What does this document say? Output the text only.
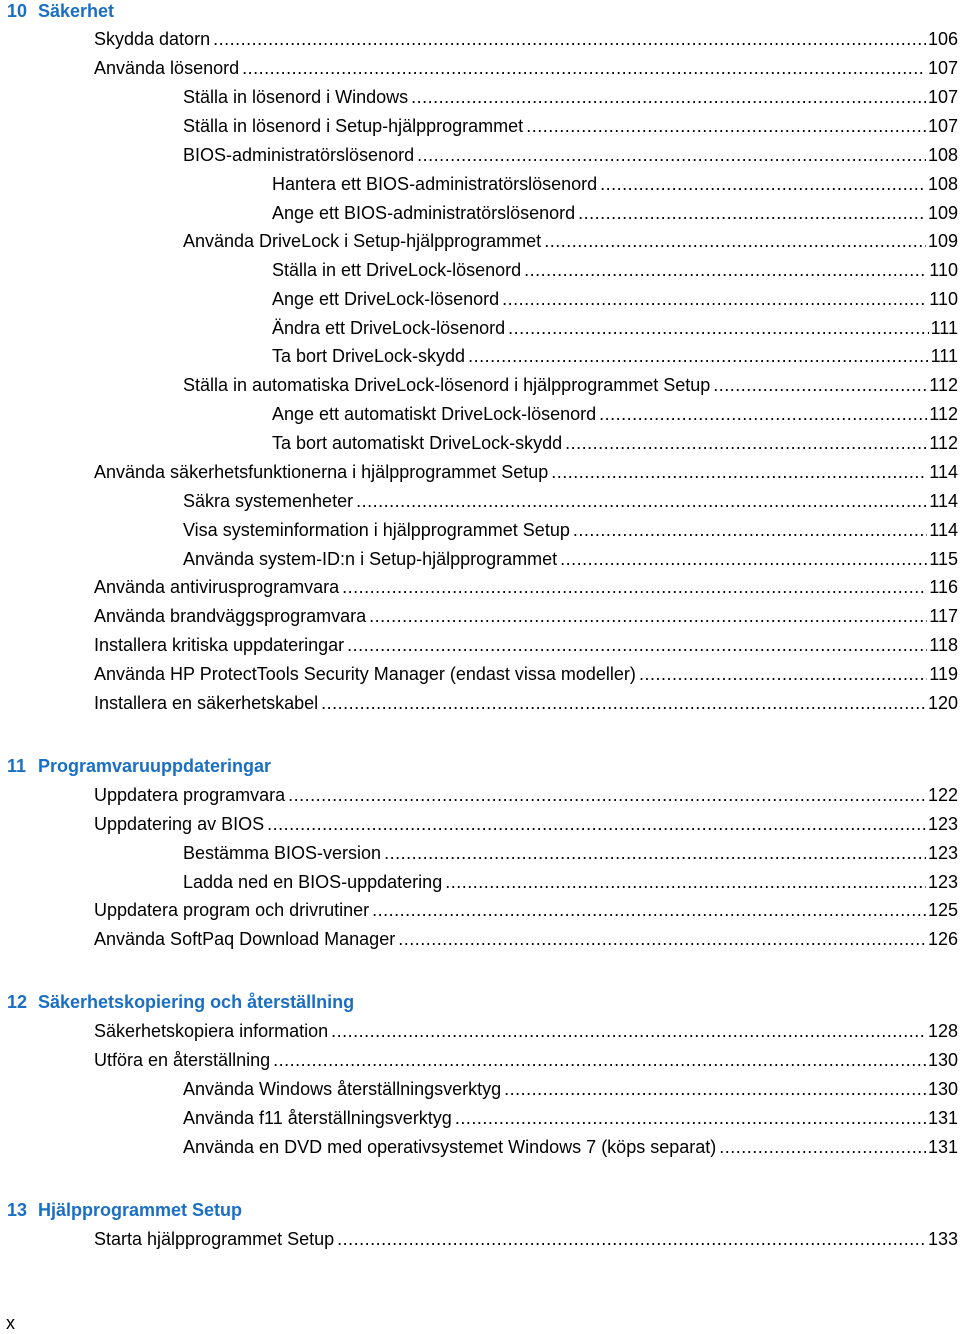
10 Säkerhet
Skydda datorn .....	106
Använda lösenord .....	107
Ställa in lösenord i Windows .....	107
Ställa in lösenord i Setup-hjälpprogrammet .....	107
BIOS-administratörslösenord .....	108
Hantera ett BIOS-administratörslösenord .....	108
Ange ett BIOS-administratörslösenord .....	109
Använda DriveLock i Setup-hjälpprogrammet .....	109
Ställa in ett DriveLock-lösenord .....	110
Ange ett DriveLock-lösenord .....	110
Ändra ett DriveLock-lösenord .....	111
Ta bort DriveLock-skydd .....	111
Ställa in automatiska DriveLock-lösenord i hjälpprogrammet Setup .....	112
Ange ett automatiskt DriveLock-lösenord .....	112
Ta bort automatiskt DriveLock-skydd .....	112
Använda säkerhetsfunktionerna i hjälpprogrammet Setup .....	114
Säkra systemenheter .....	114
Visa systeminformation i hjälpprogrammet Setup .....	114
Använda system-ID:n i Setup-hjälpprogrammet .....	115
Använda antivirusprogramvara .....	116
Använda brandväggsprogramvara .....	117
Installera kritiska uppdateringar .....	118
Använda HP ProtectTools Security Manager (endast vissa modeller) .....	119
Installera en säkerhetskabel .....	120
11 Programvaruuppdateringar
Uppdatera programvara .....	122
Uppdatering av BIOS .....	123
Bestämma BIOS-version .....	123
Ladda ned en BIOS-uppdatering .....	123
Uppdatera program och drivrutiner .....	125
Använda SoftPaq Download Manager .....	126
12 Säkerhetskopiering och återställning
Säkerhetskopiera information .....	128
Utföra en återställning .....	130
Använda Windows återställningsverktyg .....	130
Använda f11 återställningsverktyg .....	131
Använda en DVD med operativsystemet Windows 7 (köps separat) .....	131
13 Hjälpprogrammet Setup
Starta hjälpprogrammet Setup .....	133
x
